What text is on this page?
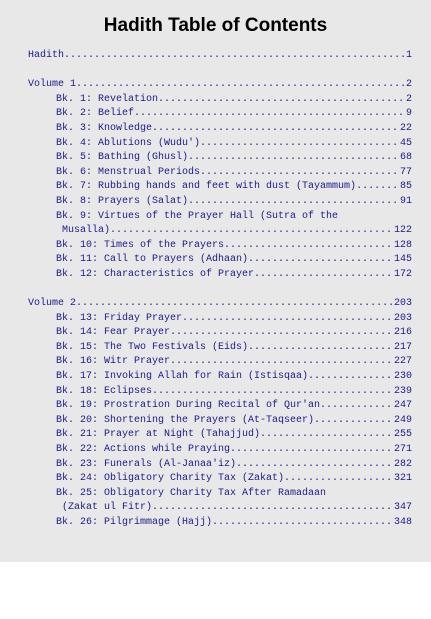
Hadith Table of Contents
Hadith .....	1
Volume 1 .....	2
Bk. 1: Revelation .....	2
Bk. 2: Belief .....	9
Bk. 3: Knowledge .....	22
Bk. 4: Ablutions (Wudu') .....	45
Bk. 5: Bathing (Ghusl) .....	68
Bk. 6: Menstrual Periods .....	77
Bk. 7: Rubbing hands and feet with dust (Tayammum) .....	85
Bk. 8: Prayers (Salat) .....	91
Bk. 9: Virtues of the Prayer Hall (Sutra of the
Musalla) .....	122
Bk. 10: Times of the Prayers .....	128
Bk. 11: Call to Prayers (Adhaan) .....	145
Bk. 12: Characteristics of Prayer .....	172
Volume 2 .....	203
Bk. 13: Friday Prayer .....	203
Bk. 14: Fear Prayer .....	216
Bk. 15: The Two Festivals (Eids) .....	217
Bk. 16: Witr Prayer .....	227
Bk. 17: Invoking Allah for Rain (Istisqaa) .....	230
Bk. 18: Eclipses .....	239
Bk. 19: Prostration During Recital of Qur'an .....	247
Bk. 20: Shortening the Prayers (At-Taqseer) .....	249
Bk. 21: Prayer at Night (Tahajjud) .....	255
Bk. 22: Actions while Praying .....	271
Bk. 23: Funerals (Al-Janaa'iz) .....	282
Bk. 24: Obligatory Charity Tax (Zakat) .....	321
Bk. 25: Obligatory Charity Tax After Ramadaan
(Zakat ul Fitr) .....	347
Bk. 26: Pilgrimmage (Hajj) .....	348
